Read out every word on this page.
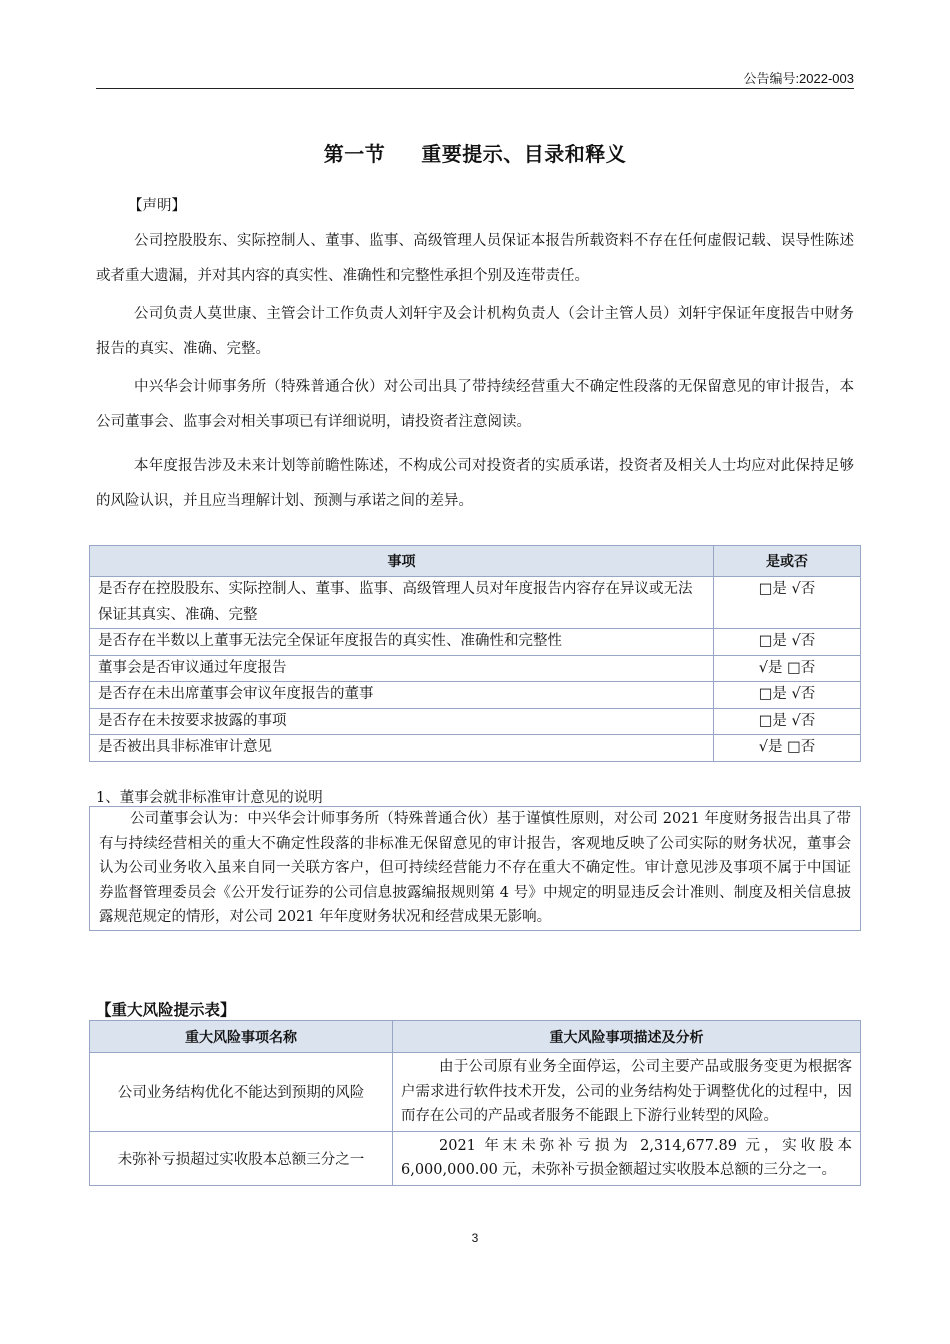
公告编号:2022-003
第一节 重要提示、目录和释义
【声明】

公司控股股东、实际控制人、董事、监事、高级管理人员保证本报告所载资料不存在任何虚假记载、误导性陈述或者重大遗漏，并对其内容的真实性、准确性和完整性承担个别及连带责任。

公司负责人莫世康、主管会计工作负责人刘轩宇及会计机构负责人（会计主管人员）刘轩宇保证年度报告中财务报告的真实、准确、完整。

中兴华会计师事务所（特殊普通合伙）对公司出具了带持续经营重大不确定性段落的无保留意见的审计报告，本公司董事会、监事会对相关事项已有详细说明，请投资者注意阅读。

本年度报告涉及未来计划等前瞻性陈述，不构成公司对投资者的实质承诺，投资者及相关人士均应对此保持足够的风险认识，并且应当理解计划、预测与承诺之间的差异。

事项	是或否
是否存在控股股东、实际控制人、董事、监事、高级管理人员对年度报告内容存在异议或无法保证其真实、准确、完整	□是 √否
是否存在半数以上董事无法完全保证年度报告的真实性、准确性和完整性	□是 √否
董事会是否审议通过年度报告	√是 □否
是否存在未出席董事会审议年度报告的董事	□是 √否
是否存在未按要求披露的事项	□是 √否
是否被出具非标准审计意见	√是 □否
1、董事会就非标准审计意见的说明
公司董事会认为：中兴华会计师事务所（特殊普通合伙）基于谨慎性原则，对公司 2021 年度财务报告出具了带有与持续经营相关的重大不确定性段落的非标准无保留意见的审计报告，客观地反映了公司实际的财务状况，董事会认为公司业务收入虽来自同一关联方客户，但可持续经营能力不存在重大不确定性。审计意见涉及事项不属于中国证券监督管理委员会《公开发行证券的公司信息披露编报规则第 4 号》中规定的明显违反会计准则、制度及相关信息披露规范规定的情形，对公司 2021 年年度财务状况和经营成果无影响。
【重大风险提示表】
重大风险事项名称	重大风险事项描述及分析
公司业务结构优化不能达到预期的风险	由于公司原有业务全面停运，公司主要产品或服务变更为根据客户需求进行软件技术开发，公司的业务结构处于调整优化的过程中，因而存在公司的产品或者服务不能跟上下游行业转型的风险。
未弥补亏损超过实收股本总额三分之一	2021 年末未弥补亏损为 2,314,677.89 元，实收股本 6,000,000.00 元，未弥补亏损金额超过实收股本总额的三分之一。
3
